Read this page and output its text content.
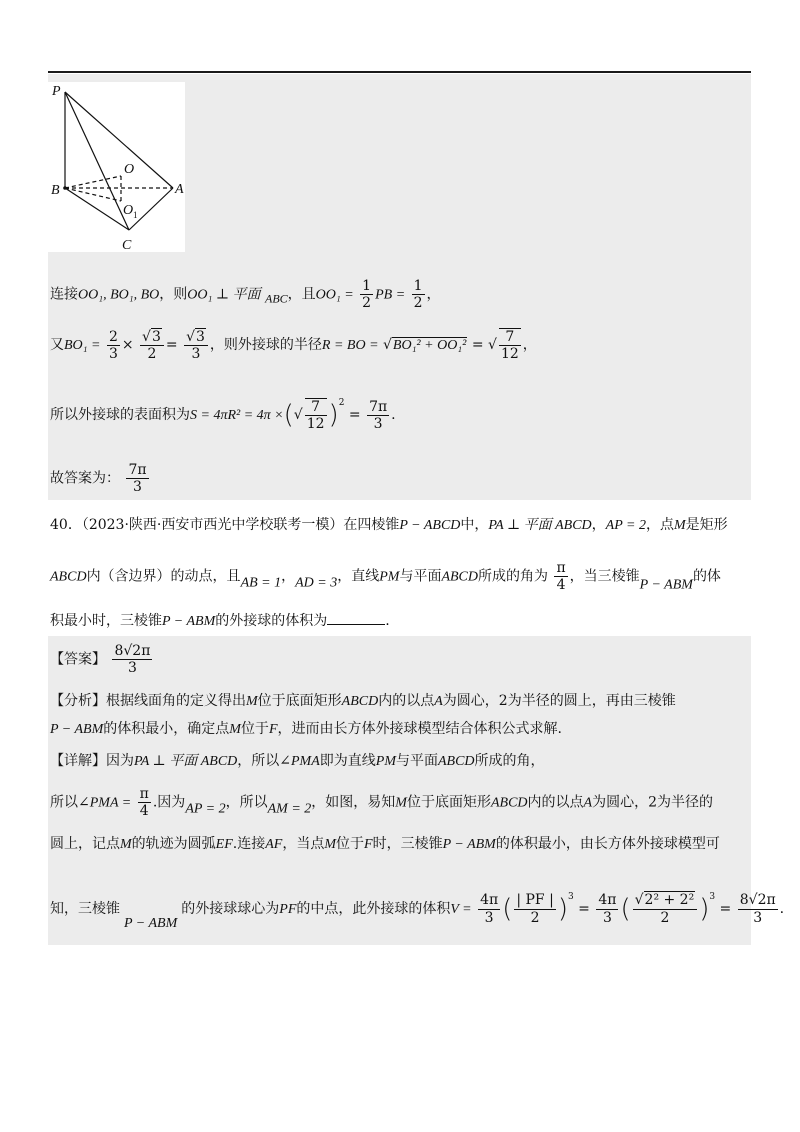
P
B	A
C
O
O 1
连接OO₁, BO₁, BO，则OO₁ ⊥ 平面 ABC，且$OO_1 = \frac{1}{2}$ PB = $\frac{1}{2}$ ，
又$BO_1 = \frac{2}{3} \times \frac{√3}{2} = \frac{√3}{3}$ ，则外接球的半径R = BO = √BO₁² + OO₁² = √ $\frac{7}{12}$ ，
所以外接球的表面积为S = 4πR² = 4π ×(√ $\frac{7}{12} )^2 = \frac{7\pi}{3}$ .
故答案为： $\frac{7\pi}{3}$
40．（2023·陕西·西安市西光中学校联考一模）在四棱锥P − ABCD中，PA ⊥ 平面 ABCD，AP = 2，点M是矩形
ABCD内（含边界）的动点，且AB = 1，AD = 3，直线PM与平面ABCD所成的角为 $\frac{\pi}{4}$ ，当三棱锥P − ABM的体
积最小时，三棱锥P − ABM的外接球的体积为	.
【答案】 $\frac{8√2\pi}{3}$
【分析】根据线面角的定义得出M位于底面矩形ABCD内的以点A为圆心，2为半径的圆上，再由三棱锥
P − ABM的体积最小，确定点M位于F，进而由长方体外接球模型结合体积公式求解.
【详解】因为PA ⊥ 平面 ABCD，所以∠PMA即为直线PM与平面ABCD所成的角，
所以∠PMA = $\frac{\pi}{4}$ .因为AP = 2，所以AM = 2，如图，易知M位于底面矩形ABCD内的以点A为圆心，2为半径的
圆上，记点M的轨迹为圆弧EF.连接AF，当点M位于F时，三棱锥P − ABM的体积最小，由长方体外接球模型可
知，三棱锥P − ABM的外接球球心为PF的中点，此外接球的体积$V = \frac{4\pi}{3}$ ( $\frac{| PF |}{2} )^3 = \frac{4\pi}{3}$ ( $\frac{\text{√2² + 2²}}{2} )^3 = \frac{8√2\pi}{3}$ .
